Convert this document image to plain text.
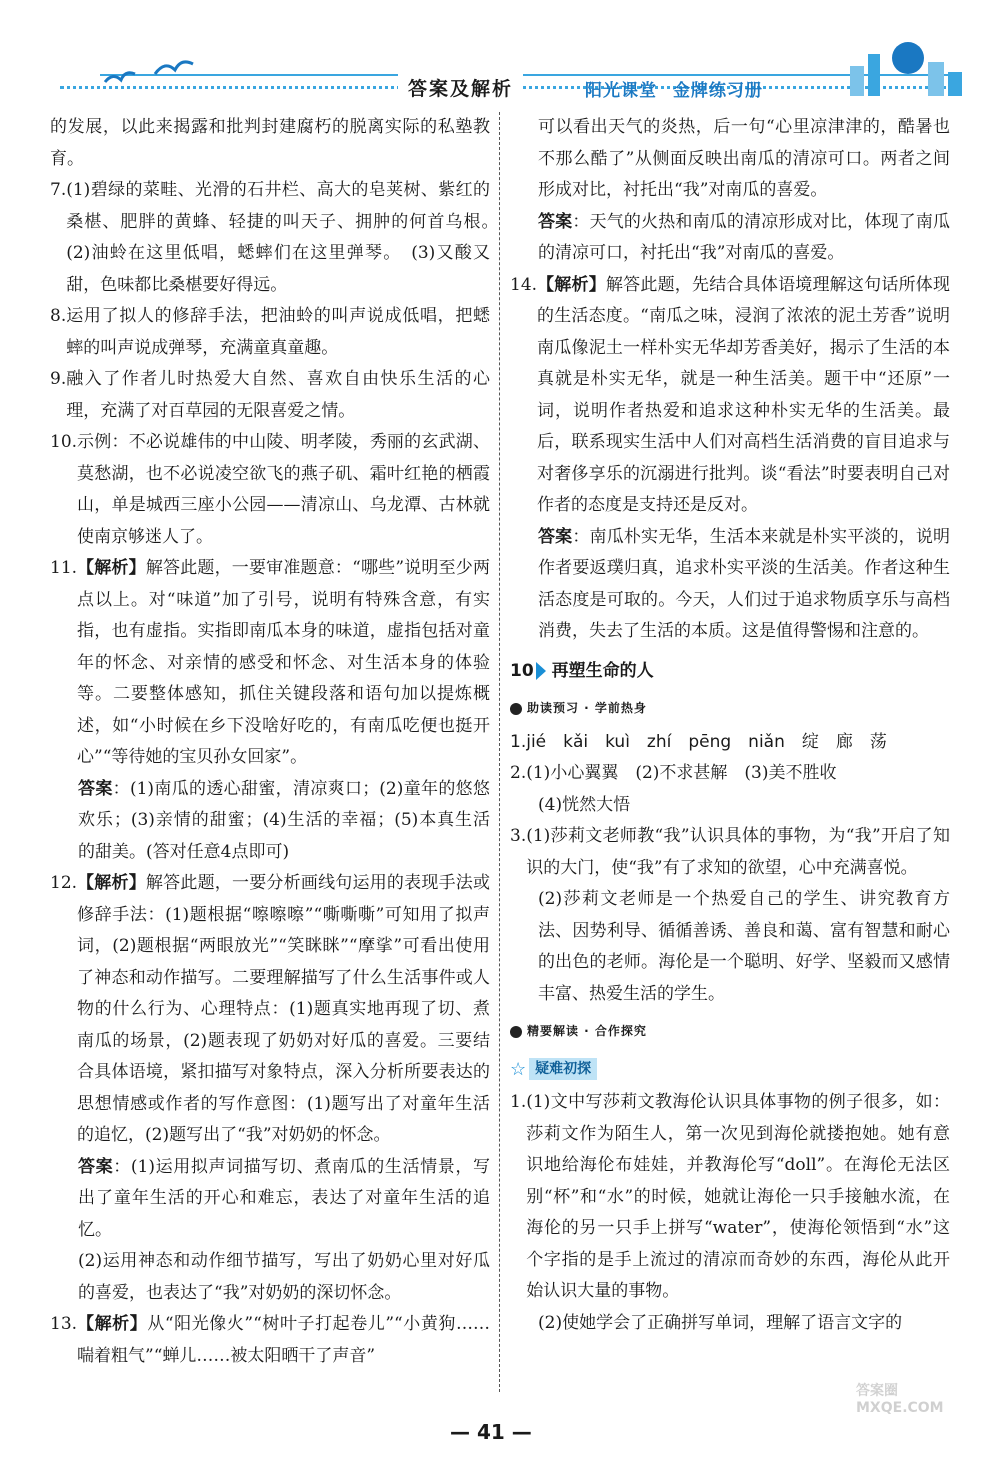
答案及解析	阳光课堂 金牌练习册
的发展，以此来揭露和批判封建腐朽的脱离实际的私塾教育。
7. (1)碧绿的菜畦、光滑的石井栏、高大的皂荚树、紫红的桑椹、肥胖的黄蜂、轻捷的叫天子、拥肿的何首乌根。　(2)油蛉在这里低唱，蟋蟀们在这里弹琴。　(3)又酸又甜，色味都比桑椹要好得远。
8. 运用了拟人的修辞手法，把油蛉的叫声说成低唱，把蟋蟀的叫声说成弹琴，充满童真童趣。
9. 融入了作者儿时热爱大自然、喜欢自由快乐生活的心理，充满了对百草园的无限喜爱之情。
10. 示例：不必说雄伟的中山陵、明孝陵，秀丽的玄武湖、莫愁湖，也不必说凌空欲飞的燕子矶、霜叶红艳的栖霞山，单是城西三座小公园——清凉山、乌龙潭、古林就使南京够迷人了。
11. 【解析】解答此题，一要审准题意：“哪些”说明至少两点以上。对“味道”加了引号，说明有特殊含意，有实指，也有虚指。实指即南瓜本身的味道，虚指包括对童年的怀念、对亲情的感受和怀念、对生活本身的体验等。二要整体感知，抓住关键段落和语句加以提炼概述，如“小时候在乡下没啥好吃的，有南瓜吃便也挺开心”“等待她的宝贝孙女回家”。
答案：(1)南瓜的透心甜蜜，清凉爽口；(2)童年的悠悠欢乐；(3)亲情的甜蜜；(4)生活的幸福；(5)本真生活的甜美。(答对任意4点即可)
12. 【解析】解答此题，一要分析画线句运用的表现手法或修辞手法：(1)题根据“嚓嚓嚓”“嘶嘶嘶”可知用了拟声词，(2)题根据“两眼放光”“笑眯眯”“摩挲”可看出使用了神态和动作描写。二要理解描写了什么生活事件或人物的什么行为、心理特点：(1)题真实地再现了切、煮南瓜的场景，(2)题表现了奶奶对好瓜的喜爱。三要结合具体语境，紧扣描写对象特点，深入分析所要表达的思想情感或作者的写作意图：(1)题写出了对童年生活的追忆，(2)题写出了“我”对奶奶的怀念。
答案：(1)运用拟声词描写切、煮南瓜的生活情景，写出了童年生活的开心和难忘，表达了对童年生活的追忆。
(2)运用神态和动作细节描写，写出了奶奶心里对好瓜的喜爱，也表达了“我”对奶奶的深切怀念。
13. 【解析】从“阳光像火”“树叶子打起卷儿”“小黄狗……喘着粗气”“蝉儿……被太阳晒干了声音”
可以看出天气的炎热，后一句“心里凉津津的，酷暑也不那么酷了”从侧面反映出南瓜的清凉可口。两者之间形成对比，衬托出“我”对南瓜的喜爱。
答案：天气的火热和南瓜的清凉形成对比，体现了南瓜的清凉可口，衬托出“我”对南瓜的喜爱。
14. 【解析】解答此题，先结合具体语境理解这句话所体现的生活态度。“南瓜之味，浸润了浓浓的泥土芳香”说明南瓜像泥土一样朴实无华却芳香美好，揭示了生活的本真就是朴实无华，就是一种生活美。题干中“还原”一词，说明作者热爱和追求这种朴实无华的生活美。最后，联系现实生活中人们对高档生活消费的盲目追求与对奢侈享乐的沉溺进行批判。谈“看法”时要表明自己对作者的态度是支持还是反对。
答案：南瓜朴实无华，生活本来就是朴实平淡的，说明作者要返璞归真，追求朴实平淡的生活美。作者这种生活态度是可取的。今天，人们过于追求物质享乐与高档消费，失去了生活的本质。这是值得警惕和注意的。
10 再塑生命的人
助读预习 · 学前热身
1.jié　kǎi　kuì　zhí　pēng　niǎn　绽　廊　荡
2. (1)小心翼翼　(2)不求甚解　(3)美不胜收
(4)恍然大悟
3. (1)莎莉文老师教“我”认识具体的事物，为“我”开启了知识的大门，使“我”有了求知的欲望，心中充满喜悦。
(2)莎莉文老师是一个热爱自己的学生、讲究教育方法、因势利导、循循善诱、善良和蔼、富有智慧和耐心的出色的老师。海伦是一个聪明、好学、坚毅而又感情丰富、热爱生活的学生。
精要解读 · 合作探究
☆ 疑难初探
1. (1)文中写莎莉文教海伦认识具体事物的例子很多，如：莎莉文作为陌生人，第一次见到海伦就搂抱她。她有意识地给海伦布娃娃，并教海伦写“doll”。在海伦无法区别“杯”和“水”的时候，她就让海伦一只手接触水流，在海伦的另一只手上拼写“water”，使海伦领悟到“水”这个字指的是手上流过的清凉而奇妙的东西，海伦从此开始认识大量的事物。
(2)使她学会了正确拼写单词，理解了语言文字的
— 41 —
答案圈 MXQE.COM
